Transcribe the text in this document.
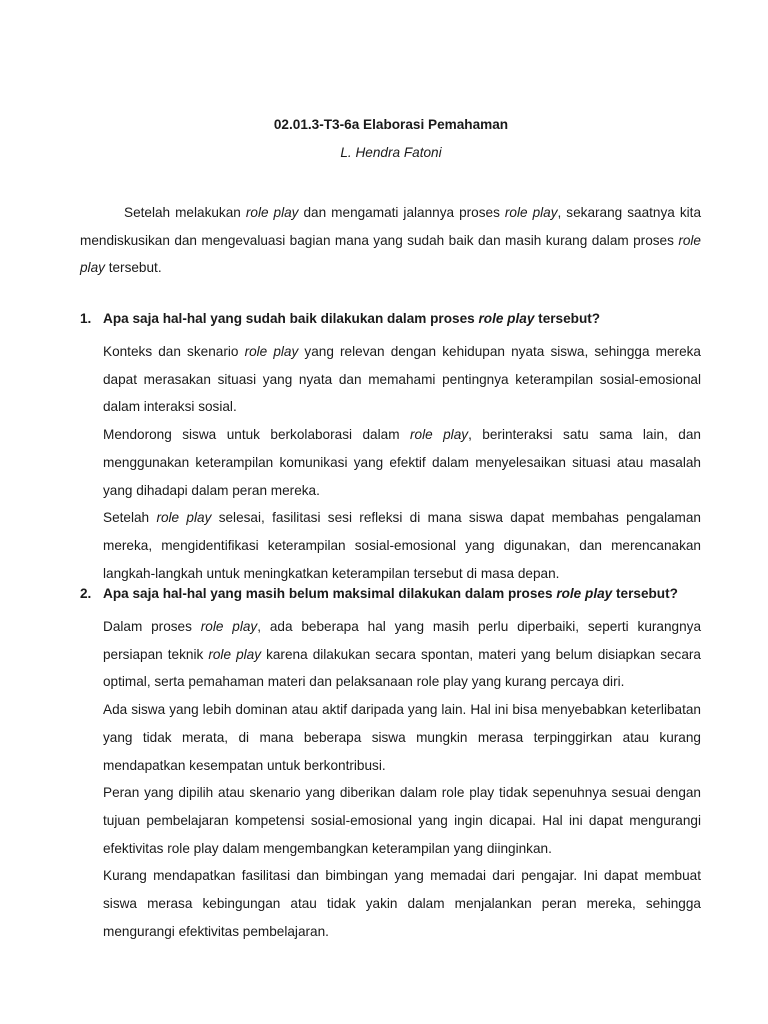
02.01.3-T3-6a Elaborasi Pemahaman
L. Hendra Fatoni

Setelah melakukan role play dan mengamati jalannya proses role play, sekarang saatnya kita mendiskusikan dan mengevaluasi bagian mana yang sudah baik dan masih kurang dalam proses role play tersebut.

1. Apa saja hal-hal yang sudah baik dilakukan dalam proses role play tersebut?

Konteks dan skenario role play yang relevan dengan kehidupan nyata siswa, sehingga mereka dapat merasakan situasi yang nyata dan memahami pentingnya keterampilan sosial-emosional dalam interaksi sosial.

Mendorong siswa untuk berkolaborasi dalam role play, berinteraksi satu sama lain, dan menggunakan keterampilan komunikasi yang efektif dalam menyelesaikan situasi atau masalah yang dihadapi dalam peran mereka.

Setelah role play selesai, fasilitasi sesi refleksi di mana siswa dapat membahas pengalaman mereka, mengidentifikasi keterampilan sosial-emosional yang digunakan, dan merencanakan langkah-langkah untuk meningkatkan keterampilan tersebut di masa depan.

2. Apa saja hal-hal yang masih belum maksimal dilakukan dalam proses role play tersebut?

Dalam proses role play, ada beberapa hal yang masih perlu diperbaiki, seperti kurangnya persiapan teknik role play karena dilakukan secara spontan, materi yang belum disiapkan secara optimal, serta pemahaman materi dan pelaksanaan role play yang kurang percaya diri.

Ada siswa yang lebih dominan atau aktif daripada yang lain. Hal ini bisa menyebabkan keterlibatan yang tidak merata, di mana beberapa siswa mungkin merasa terpinggirkan atau kurang mendapatkan kesempatan untuk berkontribusi.

Peran yang dipilih atau skenario yang diberikan dalam role play tidak sepenuhnya sesuai dengan tujuan pembelajaran kompetensi sosial-emosional yang ingin dicapai. Hal ini dapat mengurangi efektivitas role play dalam mengembangkan keterampilan yang diinginkan.

Kurang mendapatkan fasilitasi dan bimbingan yang memadai dari pengajar. Ini dapat membuat siswa merasa kebingungan atau tidak yakin dalam menjalankan peran mereka, sehingga mengurangi efektivitas pembelajaran.
